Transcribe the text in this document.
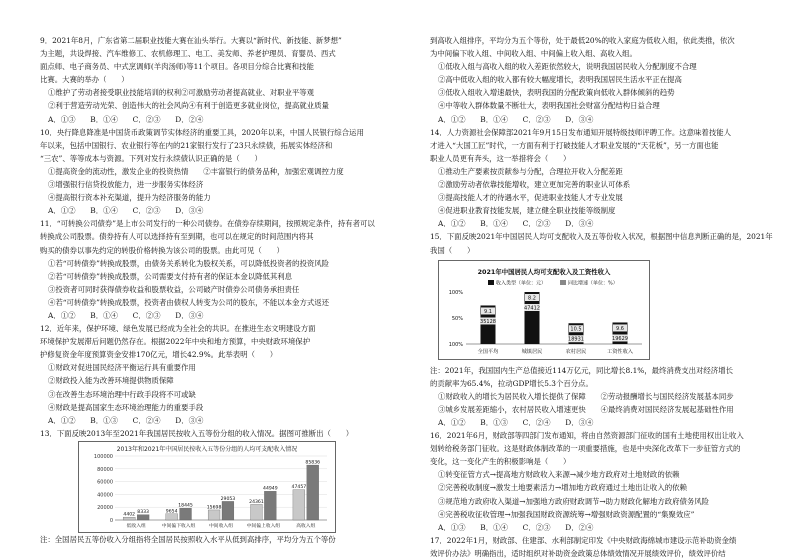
9．2021年8月，广东省第二届职业技能大赛在汕头举行。大赛以“新时代、新技能、新梦想”
为主题，共设焊接、汽车维修工、农机修理工、电工、美发师、养老护理员、育婴员、西式
面点师、电子商务员、中式烹调师(羊肉汤师)等11个项目。各项目分综合比赛和技能
比赛。大赛的举办（　　）
①维护了劳动者接受职业技能培训的权利②可激励劳动者提高就业、对职业平等观
②利于营造劳动光荣、创造伟大的社会风尚④有利于创造更多就业岗位，提高就业质量
A．①③　　B．①④　　C．②③　　D．②④
10．央行降息降准是中国货币政策调节实体经济的重要工具，2020年以来，中国人民银行综合运用
年以来，包括中国银行、农业银行等在内的21家银行发行了23只永续债，拓展实体经济和
“三农”、等等成本与资源。下列对发行永续债认识正确的是（　　）
①提高资金的流动性，激发企业的投资热情　　②丰富银行的债务品种，加强宏观调控力度
③增强银行信贷投放能力，进一步服务实体经济
④提高银行资本补充渠道，提升为经济服务的能力
A．①②　　B．①④　　C．②③　　D．③④
11．“可转换公司债券”是上市公司发行的一种公司债券。在债券存续期间，按照规定条件，持有者可以
转换成公司股票。债券持有人可以选择持有至到期，也可以在规定的时间范围内将其
购买的债券以事先约定的转股价格转换为该公司的股票。由此可见（　　）
①若“可转债券”转换成股票，由债务关系转化为股权关系，可以降低投资者的投资风险
②若“可转债券”转换成股票，公司需要支付持有者的保证本金以降低其利息
③投资者可同时获得债券收益和股票收益，公司破产时债券公司债务承担责任
④若“可转债券”转换成股票，投资者由债权人转变为公司的股东，不能以本金方式返还
A．①②　　B．①④　　C．②③　　D．③④
12．近年来，保护环境、绿色发展已经成为全社会的共识。在推进生态文明建设方面
环境保护发展滞后问题仍然存在。根据2022年中央和地方预算，中央财政环境保护
护修复资金年度预算资金安排170亿元，增长42.9%。此举表明（　　）
①财政对促进国民经济平衡运行具有重要作用
②财政投入能为改善环境提供物质保障
③在改善生态环境治理中行政手段将不可或缺
④财政是提高国家生态环境治理能力的重要手段
A．①②　　B．①③　　C．②④　　D．③④
13．下面反映2013年至2021年我国居民按收入五等份分组的收入情况。据图可推断出（　　）
2013年和2021年中国居民按收入五等份分组的人均可支配收入情况
0
20000
40000
60000
80000
100000
4402
8333
低收入组
9654
18445
中间偏下收入组
15698
29053
中间收入组
24361
44949
中间偏上收入组
47457
85836
高收入组
注：全国居民五等份收入分组指将全国居民按照收入水平从低到高排序，平均分为五个等份
到高收入组排序，平均分为五个等份，处于最低20%的收入家庭为低收入组，依此类推，依次
为中间偏下收入组、中间收入组、中间偏上收入组、高收入组。
①低收入组与高收入组的收入差距依然较大，说明我国居民收入分配制度不合理
②高中低收入组的收入都有较大幅度增长，表明我国居民生活水平正在提高
③低收入组收入增速最快，表明我国的分配政策向低收入群体倾斜的趋势
④中等收入群体数量不断壮大，表明我国社会财富分配结构日益合理
A．①②　　B．①④　　C．②③　　D．③④
14．人力资源社会保障部2021年9月15日发布通知开展特级技师评聘工作。这意味着技能人
才进入“大国工匠”时代，一方面有利于打破技能人才职业发展的“天花板”，另一方面也能
职业人员更有奔头，这一举措将会（　　）
①推动生产要素按贡献参与分配，合理拉开收入分配差距
②激励劳动者依靠技能增收，建立更加完善的职业认可体系
③提高技能人才的待遇水平，促进职业技能人才专业发展
④促进职业教育技能发展，建立健全职业技能等级制度
A．①②　　B．①④　　C．②③　　D．③④
15．下面反映2021年中国居民人均可支配收入及五等份收入状况，根据图中信息判断正确的是，2021年
我国（　　）
2021年中国居民人均可支配收入及工资性收入
收入类型（单位：元）	同比增速（单位：%）
100%
50%
100%
9.1
35128
全国平均
8.2
47412
城镇居民
10.5
18931
农村居民
9.6
19629
工资性收入
注：2021年，我国国内生产总值接近114万亿元，同比增长8.1%，最终消费支出对经济增长
的贡献率为65.4%，拉动GDP增长5.3个百分点。
①财政收入的增长为居民收入增长提供了保障　　②劳动报酬增长与国民经济发展基本同步
③城乡发展差距缩小，农村居民收入增速更快　　④最终消费对国民经济发展起基础性作用
A．①②　　B．①③　　C．②④　　D．③④
16．2021年6月，财政部等四部门发布通知，将由自然资源部门征收的国有土地使用权出让收入
划转给税务部门征收。这是财政体制改革的一项重要措施，也是中央深化改革下一步征管方式的
变化，这一变化产生的积极影响是（　　）
①转变征管方式→提高地方财政收入来源→减少地方政府对土地财政的依赖
②完善税收制度→激发土地要素活力→增加地方政府通过土地出让收入的依赖
③规范地方政府收入渠道→加强地方政府财政调节→助力财政化解地方政府债务风险
④完善税收征收管理→加强我国财政资源统筹→增强财政资源配置的“集聚效应”
A．①③　　B．①④　　C．②③　　D．②④
17．2022年1月，财政部、住建部、水利部制定印发《中央财政海绵城市建设示范补助资金绩
效评价办法》明确指出，适时组织对补助资金政策总体绩效情况开展绩效评价，绩效评价结
